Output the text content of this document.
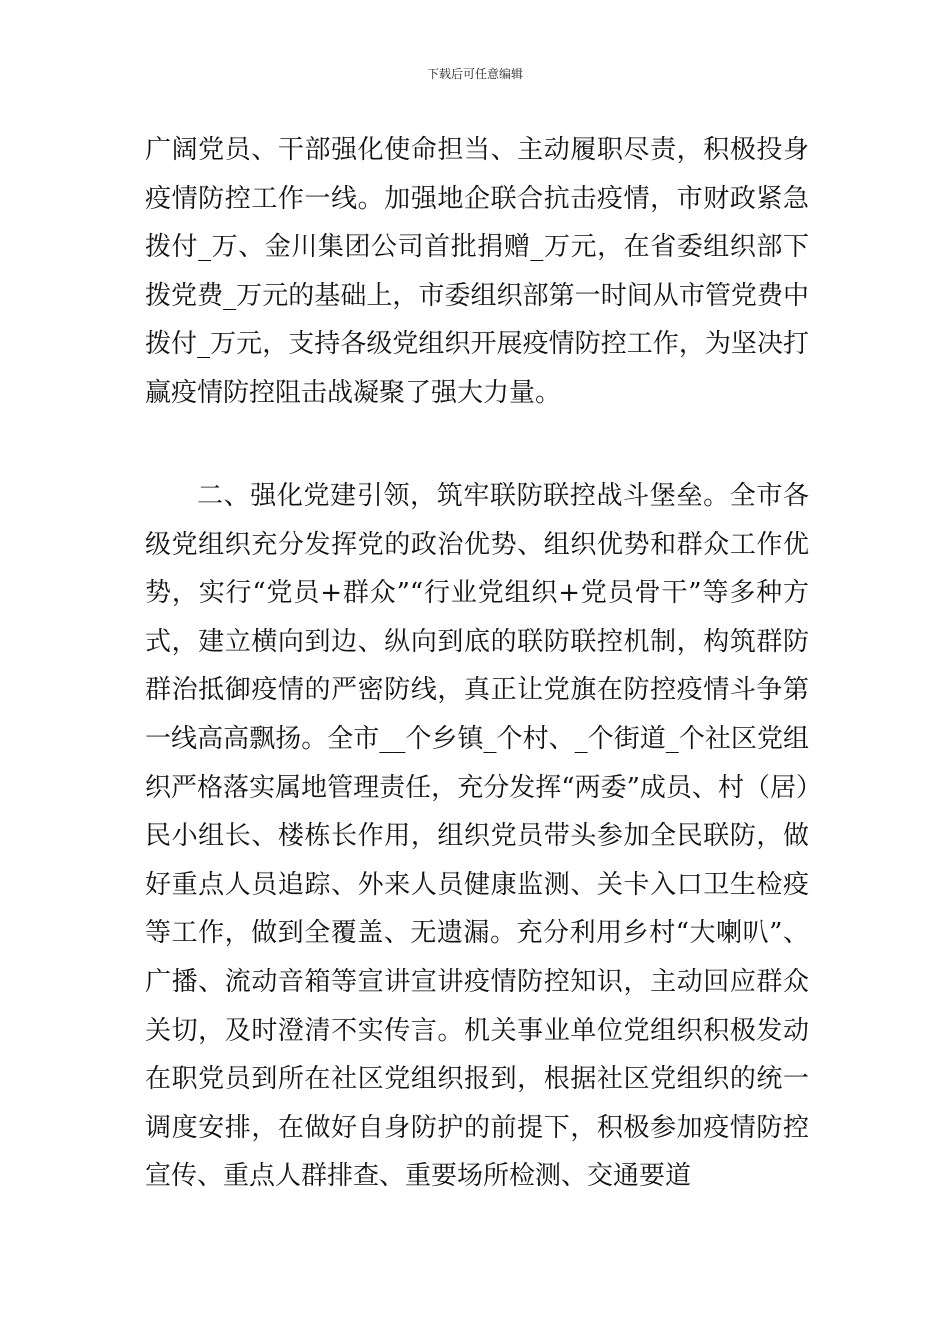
下载后可任意编辑

广阔党员、干部强化使命担当、主动履职尽责，积极投身疫情防控工作一线。加强地企联合抗击疫情，市财政紧急拨付_万、金川集团公司首批捐赠_万元，在省委组织部下拨党费_万元的基础上，市委组织部第一时间从市管党费中拨付_万元，支持各级党组织开展疫情防控工作，为坚决打赢疫情防控阻击战凝聚了强大力量。

二、强化党建引领，筑牢联防联控战斗堡垒。全市各级党组织充分发挥党的政治优势、组织优势和群众工作优势，实行“党员+群众”“行业党组织+党员骨干”等多种方式，建立横向到边、纵向到底的联防联控机制，构筑群防群治抵御疫情的严密防线，真正让党旗在防控疫情斗争第一线高高飘扬。全市__个乡镇_个村、_个街道_个社区党组织严格落实属地管理责任，充分发挥“两委”成员、村（居）民小组长、楼栋长作用，组织党员带头参加全民联防，做好重点人员追踪、外来人员健康监测、关卡入口卫生检疫等工作，做到全覆盖、无遗漏。充分利用乡村“大喇叭”、广播、流动音箱等宣讲宣讲疫情防控知识，主动回应群众关切，及时澄清不实传言。机关事业单位党组织积极发动在职党员到所在社区党组织报到，根据社区党组织的统一调度安排，在做好自身防护的前提下，积极参加疫情防控宣传、重点人群排查、重要场所检测、交通要道
